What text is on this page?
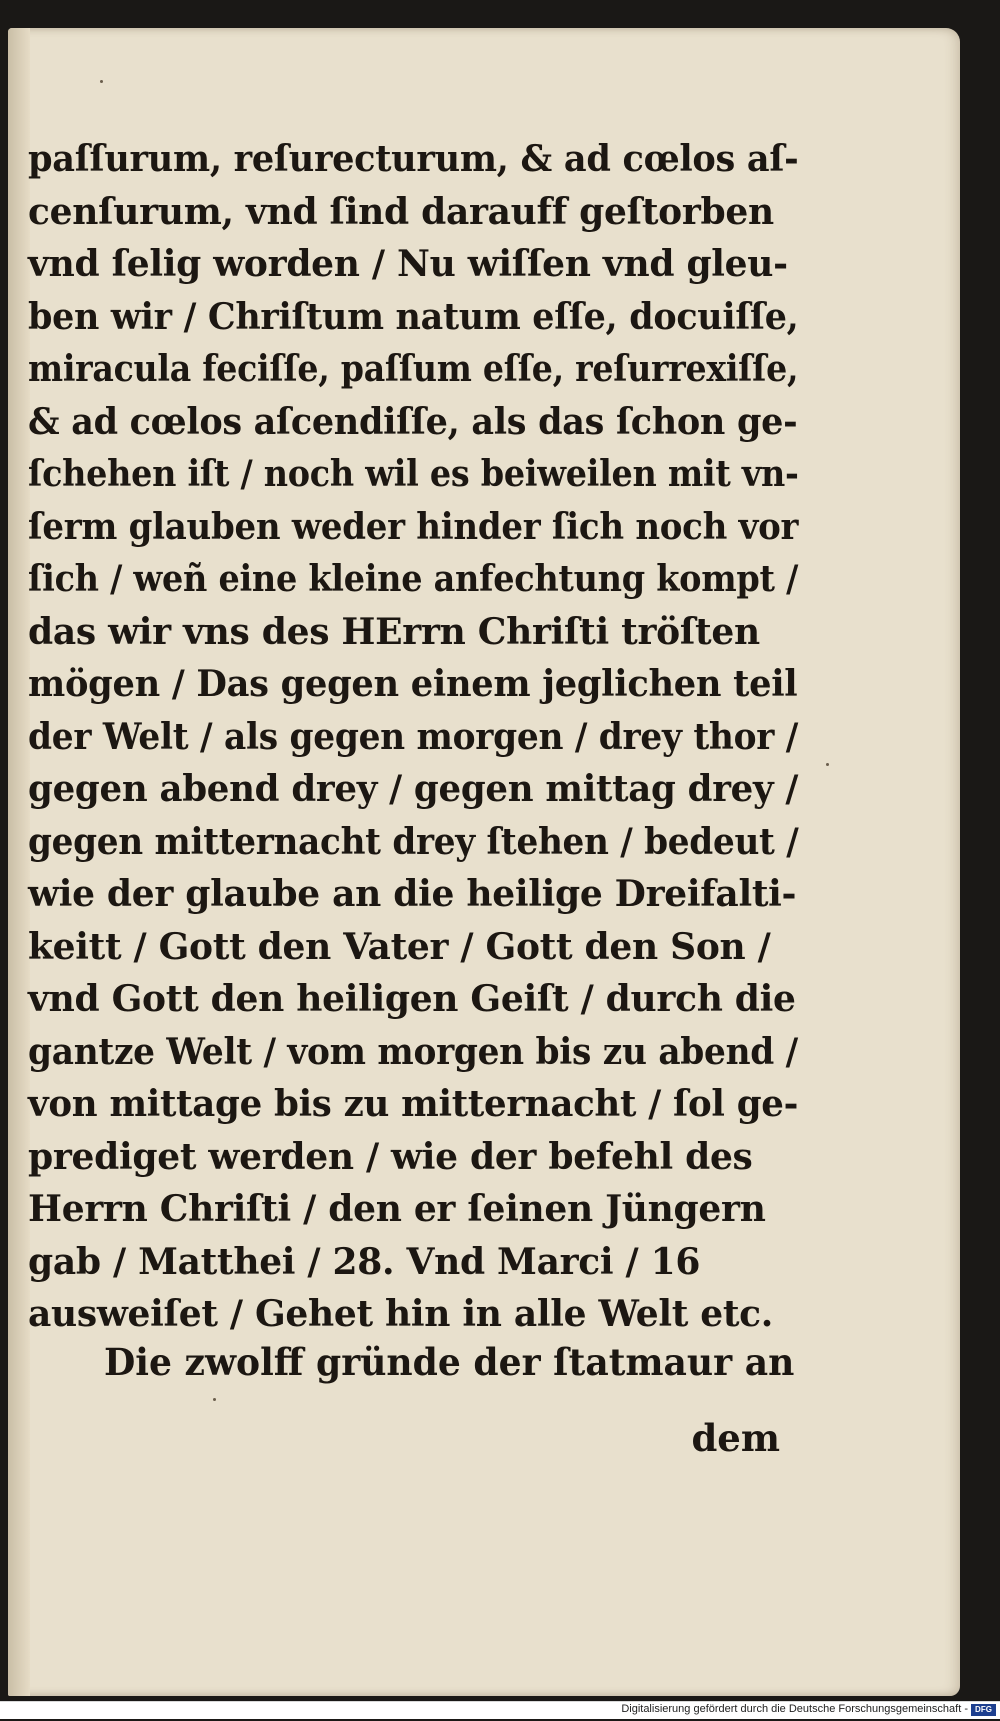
paſſurum, reſurecturum, & ad cœlos aſ-
cenſurum, vnd ſind darauff geſtorben
vnd ſelig worden / Nu wiſſen vnd gleu-
ben wir / Chriſtum natum eſſe, docuiſſe,
miracula feciſſe, paſſum eſſe, reſurrexiſſe,
& ad cœlos aſcendiſſe, als das ſchon ge-
ſchehen iſt / noch wil es beiweilen mit vn-
ſerm glauben weder hinder ſich noch vor
ſich / weñ eine kleine anfechtung kompt /
das wir vns des HErrn Chriſti tröſten
mögen / Das gegen einem jeglichen teil
der Welt / als gegen morgen / drey thor /
gegen abend drey / gegen mittag drey /
gegen mitternacht drey ſtehen / bedeut /
wie der glaube an die heilige Dreifalti-
keitt / Gott den Vater / Gott den Son /
vnd Gott den heiligen Geiſt / durch die
gantze Welt / vom morgen bis zu abend /
von mittage bis zu mitternacht / ſol ge-
prediget werden / wie der befehl des
Herrn Chriſti / den er ſeinen Jüngern
gab / Matthei / 28. Vnd Marci / 16
ausweiſet / Gehet hin in alle Welt etc.
Die zwolff gründe der ſtatmaur an
dem
Digitalisierung gefördert durch die Deutsche Forschungsgemeinschaft - DFG
